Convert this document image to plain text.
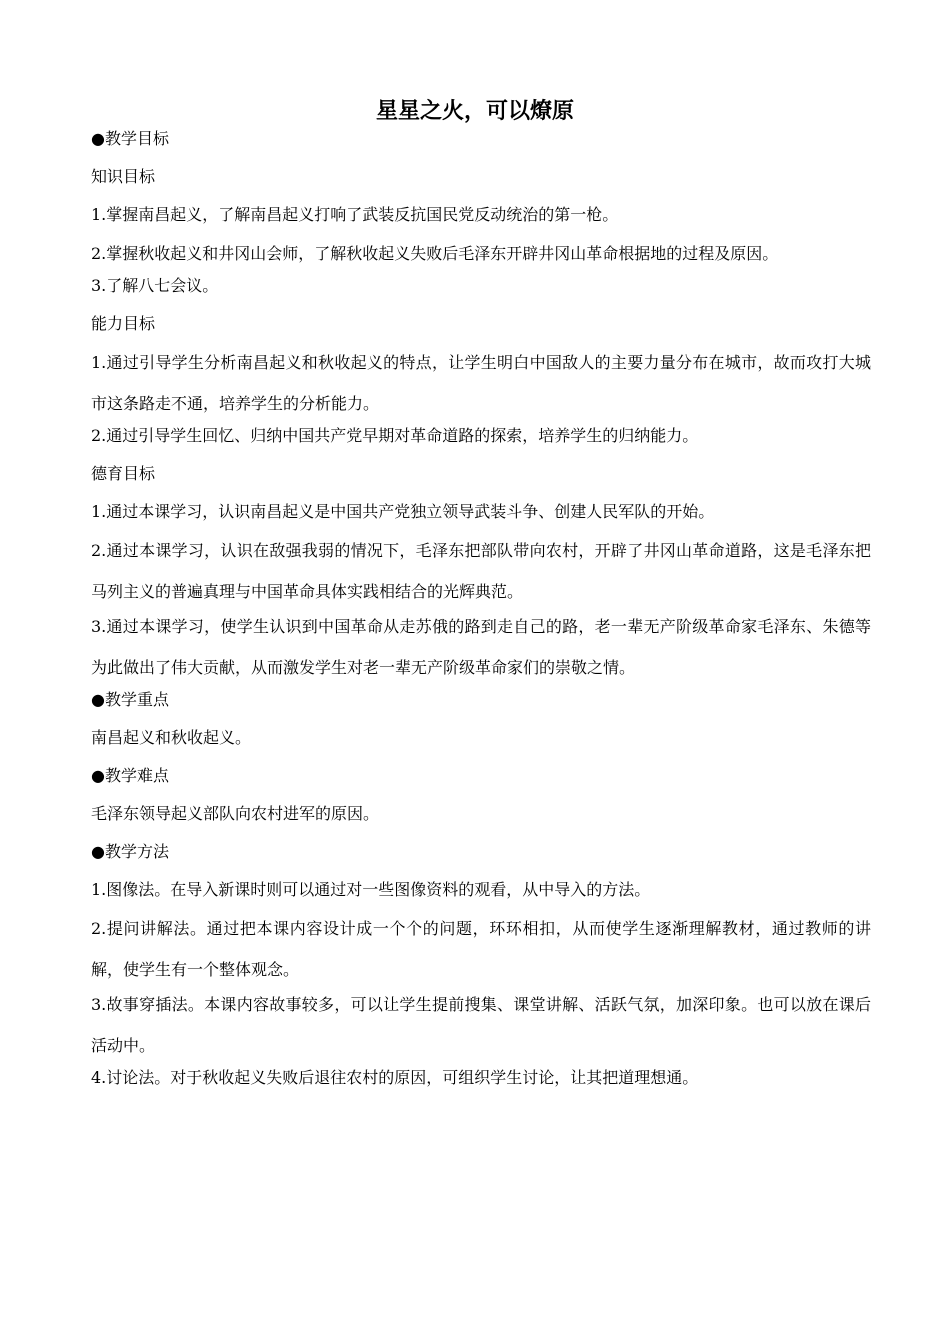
星星之火，可以燎原
●教学目标
知识目标
1.掌握南昌起义，了解南昌起义打响了武装反抗国民党反动统治的第一枪。
2.掌握秋收起义和井冈山会师，了解秋收起义失败后毛泽东开辟井冈山革命根据地的过程及原因。
3.了解八七会议。
能力目标
1.通过引导学生分析南昌起义和秋收起义的特点，让学生明白中国敌人的主要力量分布在城市，故而攻打大城市这条路走不通，培养学生的分析能力。
2.通过引导学生回忆、归纳中国共产党早期对革命道路的探索，培养学生的归纳能力。
德育目标
1.通过本课学习，认识南昌起义是中国共产党独立领导武装斗争、创建人民军队的开始。
2.通过本课学习，认识在敌强我弱的情况下，毛泽东把部队带向农村，开辟了井冈山革命道路，这是毛泽东把马列主义的普遍真理与中国革命具体实践相结合的光辉典范。
3.通过本课学习，使学生认识到中国革命从走苏俄的路到走自己的路，老一辈无产阶级革命家毛泽东、朱德等为此做出了伟大贡献，从而激发学生对老一辈无产阶级革命家们的崇敬之情。
●教学重点
南昌起义和秋收起义。
●教学难点
毛泽东领导起义部队向农村进军的原因。
●教学方法
1.图像法。在导入新课时则可以通过对一些图像资料的观看，从中导入的方法。
2.提问讲解法。通过把本课内容设计成一个个的问题，环环相扣，从而使学生逐渐理解教材，通过教师的讲解，使学生有一个整体观念。
3.故事穿插法。本课内容故事较多，可以让学生提前搜集、课堂讲解、活跃气氛，加深印象。也可以放在课后活动中。
4.讨论法。对于秋收起义失败后退往农村的原因，可组织学生讨论，让其把道理想通。
